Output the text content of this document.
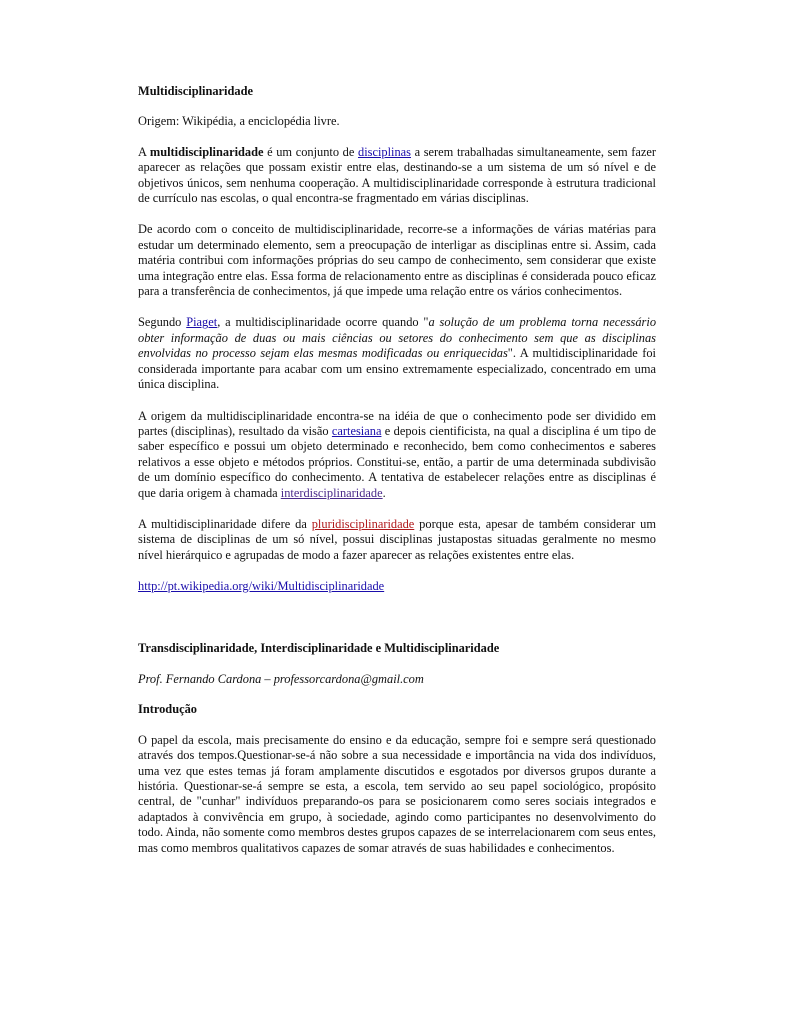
Multidisciplinaridade

Origem: Wikipédia, a enciclopédia livre.

A multidisciplinaridade é um conjunto de disciplinas a serem trabalhadas simultaneamente, sem fazer aparecer as relações que possam existir entre elas, destinando-se a um sistema de um só nível e de objetivos únicos, sem nenhuma cooperação. A multidisciplinaridade corresponde à estrutura tradicional de currículo nas escolas, o qual encontra-se fragmentado em várias disciplinas.

De acordo com o conceito de multidisciplinaridade, recorre-se a informações de várias matérias para estudar um determinado elemento, sem a preocupação de interligar as disciplinas entre si. Assim, cada matéria contribui com informações próprias do seu campo de conhecimento, sem considerar que existe uma integração entre elas. Essa forma de relacionamento entre as disciplinas é considerada pouco eficaz para a transferência de conhecimentos, já que impede uma relação entre os vários conhecimentos.

Segundo Piaget, a multidisciplinaridade ocorre quando "a solução de um problema torna necessário obter informação de duas ou mais ciências ou setores do conhecimento sem que as disciplinas envolvidas no processo sejam elas mesmas modificadas ou enriquecidas". A multidisciplinaridade foi considerada importante para acabar com um ensino extremamente especializado, concentrado em uma única disciplina.

A origem da multidisciplinaridade encontra-se na idéia de que o conhecimento pode ser dividido em partes (disciplinas), resultado da visão cartesiana e depois cientificista, na qual a disciplina é um tipo de saber específico e possui um objeto determinado e reconhecido, bem como conhecimentos e saberes relativos a esse objeto e métodos próprios. Constitui-se, então, a partir de uma determinada subdivisão de um domínio específico do conhecimento. A tentativa de estabelecer relações entre as disciplinas é que daria origem à chamada interdisciplinaridade.

A multidisciplinaridade difere da pluridisciplinaridade porque esta, apesar de também considerar um sistema de disciplinas de um só nível, possui disciplinas justapostas situadas geralmente no mesmo nível hierárquico e agrupadas de modo a fazer aparecer as relações existentes entre elas.

http://pt.wikipedia.org/wiki/Multidisciplinaridade

Transdisciplinaridade, Interdisciplinaridade e Multidisciplinaridade

Prof. Fernando Cardona – professorcardona@gmail.com

Introdução

O papel da escola, mais precisamente do ensino e da educação, sempre foi e sempre será questionado através dos tempos.Questionar-se-á não sobre a sua necessidade e importância na vida dos indivíduos, uma vez que estes temas já foram amplamente discutidos e esgotados por diversos grupos durante a história. Questionar-se-á sempre se esta, a escola, tem servido ao seu papel sociológico, propósito central, de "cunhar" indivíduos preparando-os para se posicionarem como seres sociais integrados e adaptados à convivência em grupo, à sociedade, agindo como participantes no desenvolvimento do todo. Ainda, não somente como membros destes grupos capazes de se interrelacionarem com seus entes, mas como membros qualitativos capazes de somar através de suas habilidades e conhecimentos.
